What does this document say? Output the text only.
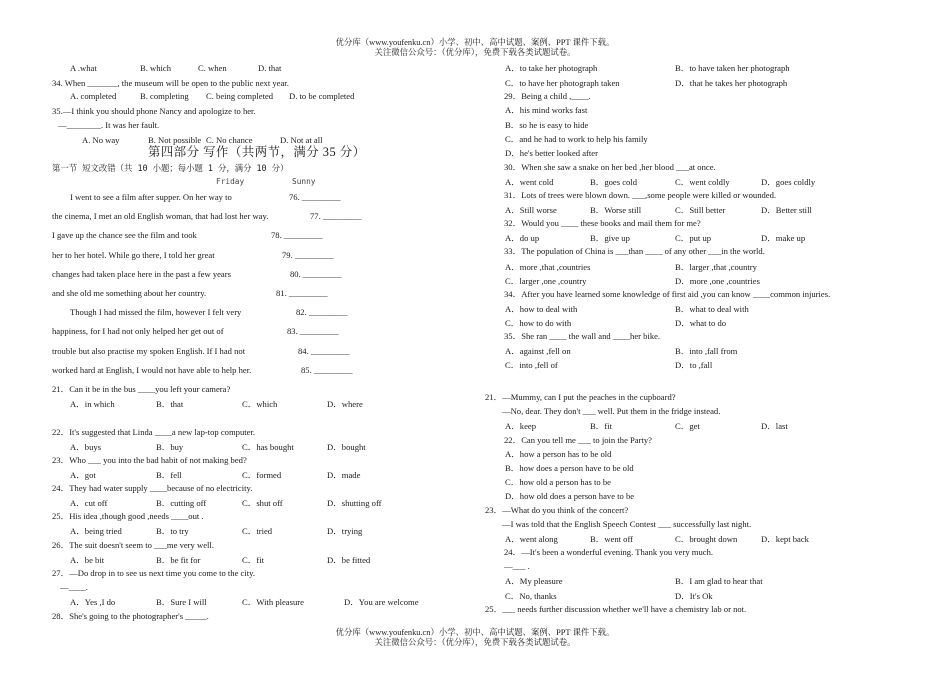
优分库（www.youfenku.cn）小学、初中、高中试题、案例、PPT 课件下载。
关注微信公众号：（优分库），免费下载各类试题试卷。
A .what	B. which	C. when	D. that
34. When _______, the museum will be open to the public next year.
A. completed	B. completing C. being completed D. to be completed
35.—I think you should phone Nancy and apologize to her.
—________. It was her fault.
A. No way	B. Not possible C. No chance	D. Not at all
第四部分 写作（共两节，满分 35 分）
第一节 短文改错（共 10 小题；每小题 1 分，满分 10 分）
Friday	Sunny
I went to see a film after supper. On her way to	76. _________
the cinema, I met an old English woman, that had lost her way.	77. _________
I gave up the chance see the film and took	78. _________
her to her hotel. While go there, I told her great	79. _________
changes had taken place here in the past a few years	80. _________
and she old me something about her country.	81. _________
Though I had missed the film, however I felt very	82. _________
happiness, for I had not only helped her get out of	83. _________
trouble but also practise my spoken English. If I had not	84. _________
worked hard at English, I would not have able to help her.	85. _________
21．Can it be in the bus ____you left your camera?
A．in which	B．that	C．which	D．where
22．It's suggested that Linda ____a new lap-top computer.
A．buys	B．buy	C．has bought	D．bought
23．Who ___ you into the bad habit of not making bed?
A．got	B．fell	C．formed	D．made
24．They had water supply ____because of no electricity.
A．cut off	B．cutting off	C．shut off	D．shutting off
25．His idea ,though good ,needs ____out .
A．being tried	B．to try	C．tried	D．trying
26．The suit doesn't seem to ___me very well.
A．be bit	B．be fit for	C．fit	D．be fitted
27．—Do drop in to see us next time you come to the city.
—____.
A．Yes ,I do	B．Sure I will	C．With pleasure	D．You are welcome
28．She's going to the photographer's _____.
A．to take her photograph	B．to have taken her photograph
C．to have her photograph taken	D．that he takes her photograph
29．Being a child ,____.
A．his mind works fast
B．so he is easy to hide
C．and he had to work to help his family
D．he's better looked after
30．When she saw a snake on her bed ,her blood ___at once.
A．went cold	B．goes cold	C．went coldly	D．goes coldly
31．Lots of trees were blown down. ___,some people were killed or wounded.
A．Still worse	B．Worse still	C．Still better	D．Better still
32．Would you ____ these books and mail them for me?
A．do up	B．give up	C．put up	D．make up
33．The population of China is ___than ____ of any other ___in the world.
A．more ,that ,countries	B．larger ,that ,country
C．larger ,one ,country	D．more ,one ,countries
34．After you have learned some knowledge of first aid ,you can know ____common injuries.
A．how to deal with	B．what to deal with
C．how to do with	D．what to do
35．She ran ____ the wall and ____her bike.
A．against ,fell on	B．into ,fall from
C．into ,fell of	D．to ,fall
21．—Mummy, can I put the peaches in the cupboard?
—No, dear. They don't ___ well. Put them in the fridge instead.
A．keep	B．fit	C．get	D．last
22．Can you tell me ___ to join the Party?
A．how a person has to be old
B．how does a person have to be old
C．how old a person has to be
D．how old does a person have to be
23．—What do you think of the concert?
—I was told that the English Speech Contest ___ successfully last night.
A．went along	B．went off	C．brought down	D．kept back
24．—It's been a wonderful evening. Thank you very much.
—___ .
A．My pleasure	B．I am glad to hear that
C．No, thanks	D．It's Ok
25．___ needs further discussion whether we'll have a chemistry lab or not.
优分库（www.youfenku.cn）小学、初中、高中试题、案例、PPT 课件下载。
关注微信公众号：（优分库），免费下载各类试题试卷。
